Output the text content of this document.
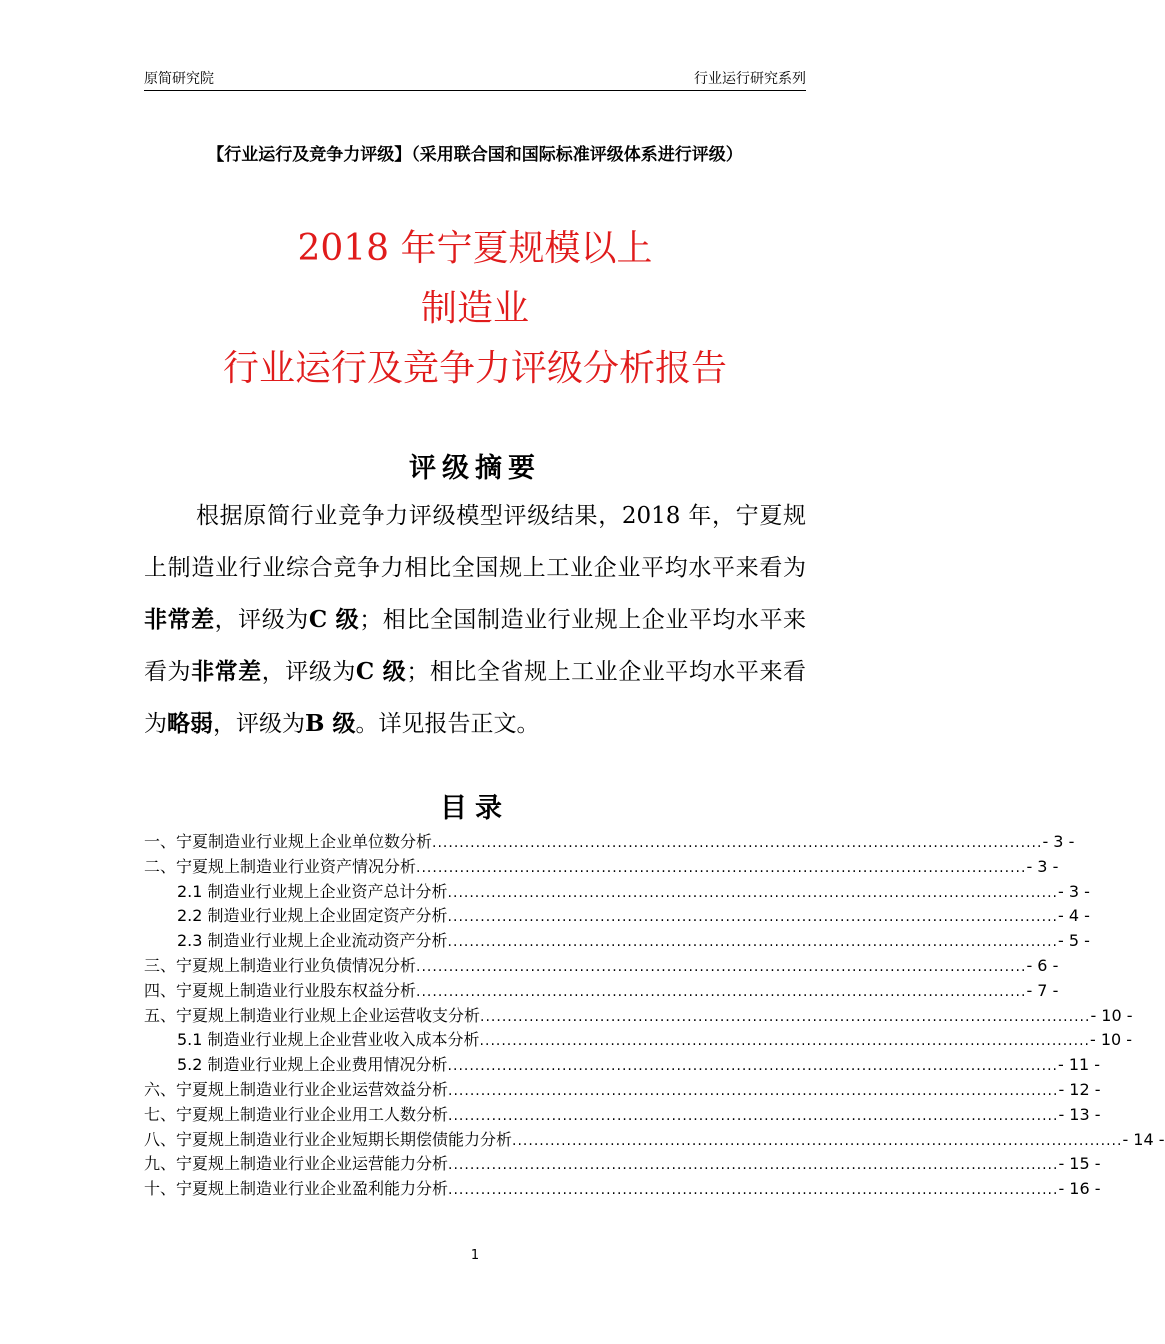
原简研究院	行业运行研究系列
【行业运行及竞争力评级】（采用联合国和国际标准评级体系进行评级）
2018 年宁夏规模以上
制造业
行业运行及竞争力评级分析报告
评级摘要
根据原简行业竞争力评级模型评级结果，2018 年，宁夏规上制造业行业综合竞争力相比全国规上工业企业平均水平来看为非常差，评级为C 级；相比全国制造业行业规上企业平均水平来看为非常差，评级为C 级；相比全省规上工业企业平均水平来看为略弱，评级为B 级。详见报告正文。
目录
一、宁夏制造业行业规上企业单位数分析 ................................................................................................................ - 3 -
二、宁夏规上制造业行业资产情况分析 ................................................................................................................ - 3 -
2.1 制造业行业规上企业资产总计分析 ................................................................................................................ - 3 -
2.2 制造业行业规上企业固定资产分析 ................................................................................................................ - 4 -
2.3 制造业行业规上企业流动资产分析 ................................................................................................................ - 5 -
三、宁夏规上制造业行业负债情况分析 ................................................................................................................ - 6 -
四、宁夏规上制造业行业股东权益分析 ................................................................................................................ - 7 -
五、宁夏规上制造业行业规上企业运营收支分析 ................................................................................................................ - 10 -
5.1 制造业行业规上企业营业收入成本分析 ................................................................................................................ - 10 -
5.2 制造业行业规上企业费用情况分析 ................................................................................................................ - 11 -
六、宁夏规上制造业行业企业运营效益分析 ................................................................................................................ - 12 -
七、宁夏规上制造业行业企业用工人数分析 ................................................................................................................ - 13 -
八、宁夏规上制造业行业企业短期长期偿债能力分析 ................................................................................................................ - 14 -
九、宁夏规上制造业行业企业运营能力分析 ................................................................................................................ - 15 -
十、宁夏规上制造业行业企业盈利能力分析 ................................................................................................................ - 16 -
1
